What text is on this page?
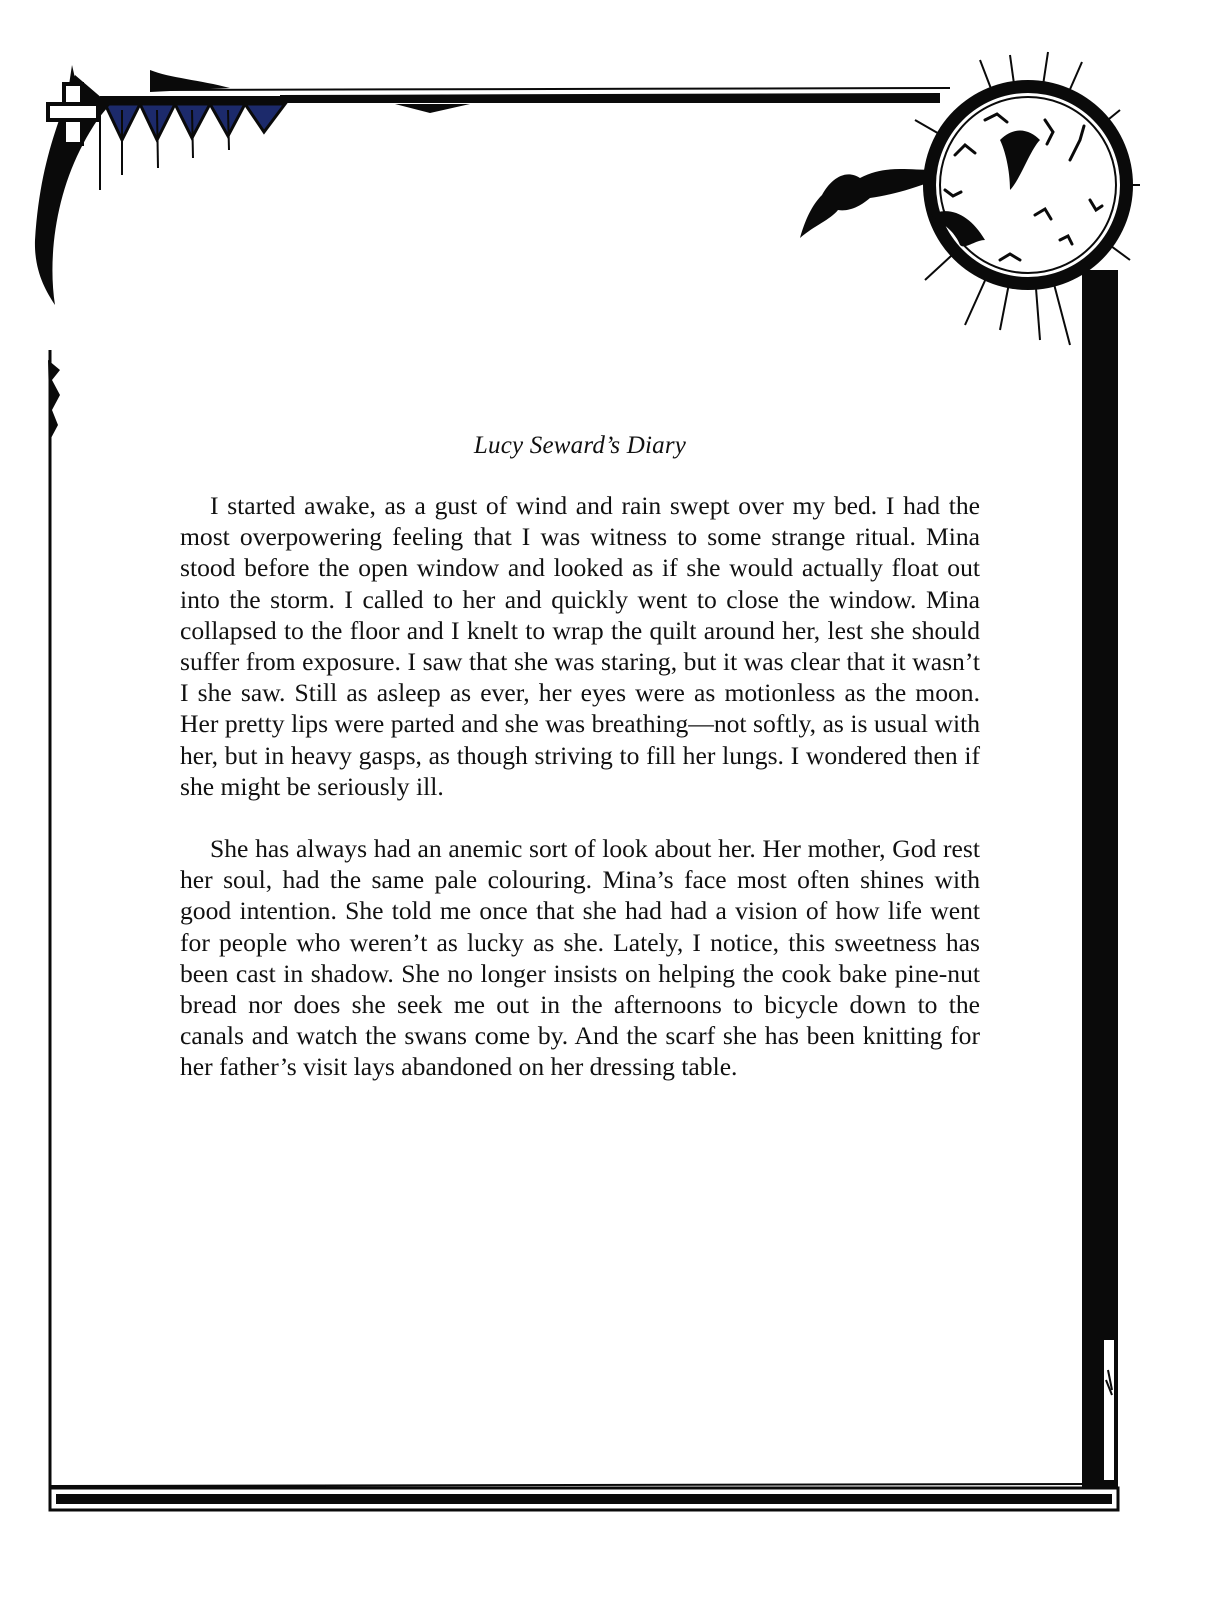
Lucy Seward’s Diary

I started awake, as a gust of wind and rain swept over my bed. I had the most overpowering feeling that I was witness to some strange ritual. Mina stood before the open window and looked as if she would actually float out into the storm. I called to her and quickly went to close the window. Mina collapsed to the floor and I knelt to wrap the quilt around her, lest she should suffer from exposure. I saw that she was staring, but it was clear that it wasn’t I she saw. Still as asleep as ever, her eyes were as motionless as the moon. Her pretty lips were parted and she was breathing—not softly, as is usual with her, but in heavy gasps, as though striving to fill her lungs. I wondered then if she might be seriously ill.

She has always had an anemic sort of look about her. Her mother, God rest her soul, had the same pale colouring. Mina’s face most often shines with good intention. She told me once that she had had a vision of how life went for people who weren’t as lucky as she. Lately, I notice, this sweetness has been cast in shadow. She no longer insists on helping the cook bake pine-nut bread nor does she seek me out in the afternoons to bicycle down to the canals and watch the swans come by. And the scarf she has been knitting for her father’s visit lays abandoned on her dressing table.
